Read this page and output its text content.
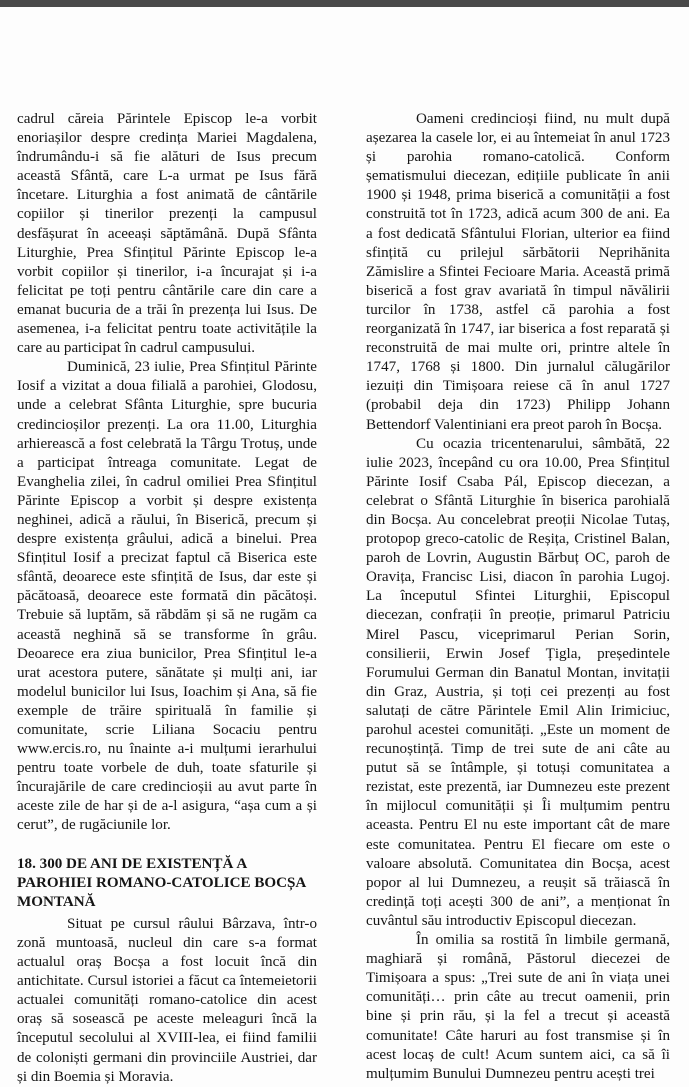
cadrul căreia Părintele Episcop le-a vorbit enoriașilor despre credința Mariei Magdalena, îndrumându-i să fie alături de Isus precum această Sfântă, care L-a urmat pe Isus fără încetare. Liturghia a fost animată de cântările copiilor și tinerilor prezenți la campusul desfășurat în aceeași săptămână. După Sfânta Liturghie, Prea Sfințitul Părinte Episcop le-a vorbit copiilor și tinerilor, i-a încurajat și i-a felicitat pe toți pentru cântările care din care a emanat bucuria de a trăi în prezența lui Isus. De asemenea, i-a felicitat pentru toate activitățile la care au participat în cadrul campusului.

Duminică, 23 iulie, Prea Sfințitul Părinte Iosif a vizitat a doua filială a parohiei, Glodosu, unde a celebrat Sfânta Liturghie, spre bucuria credincioșilor prezenți. La ora 11.00, Liturghia arhierească a fost celebrată la Târgu Trotuș, unde a participat întreaga comunitate. Legat de Evanghelia zilei, în cadrul omiliei Prea Sfințitul Părinte Episcop a vorbit și despre existența neghinei, adică a răului, în Biserică, precum și despre existența grâului, adică a binelui. Prea Sfințitul Iosif a precizat faptul că Biserica este sfântă, deoarece este sfințită de Isus, dar este și păcătoasă, deoarece este formată din păcătoși. Trebuie să luptăm, să răbdăm și să ne rugăm ca această neghină să se transforme în grâu. Deoarece era ziua bunicilor, Prea Sfințitul le-a urat acestora putere, sănătate și mulți ani, iar modelul bunicilor lui Isus, Ioachim și Ana, să fie exemple de trăire spirituală în familie și comunitate, scrie Liliana Socaciu pentru www.ercis.ro, nu înainte a-i mulțumi ierarhului pentru toate vorbele de duh, toate sfaturile și încurajările de care credincioșii au avut parte în aceste zile de har și de a-l asigura, “așa cum a și cerut”, de rugăciunile lor.

18. 300 DE ANI DE EXISTENȚĂ A PAROHIEI ROMANO-CATOLICE BOCȘA MONTANĂ

Situat pe cursul râului Bârzava, într-o zonă muntoasă, nucleul din care s-a format actualul oraș Bocșa a fost locuit încă din antichitate. Cursul istoriei a făcut ca întemeietorii actualei comunități romano-catolice din acest oraș să sosească pe aceste meleaguri încă la începutul secolului al XVIII-lea, ei fiind familii de coloniști germani din provinciile Austriei, dar și din Boemia și Moravia.

Oameni credincioși fiind, nu mult după așezarea la casele lor, ei au întemeiat în anul 1723 și parohia romano-catolică. Conform șematismului diecezan, edițiile publicate în anii 1900 și 1948, prima biserică a comunității a fost construită tot în 1723, adică acum 300 de ani. Ea a fost dedicată Sfântului Florian, ulterior ea fiind sfințită cu prilejul sărbătorii Neprihănita Zămislire a Sfintei Fecioare Maria. Această primă biserică a fost grav avariată în timpul năvălirii turcilor în 1738, astfel că parohia a fost reorganizată în 1747, iar biserica a fost reparată și reconstruită de mai multe ori, printre altele în 1747, 1768 și 1800. Din jurnalul călugărilor iezuiți din Timișoara reiese că în anul 1727 (probabil deja din 1723) Philipp Johann Bettendorf Valentiniani era preot paroh în Bocșa.

Cu ocazia tricentenarului, sâmbătă, 22 iulie 2023, începând cu ora 10.00, Prea Sfințitul Părinte Iosif Csaba Pál, Episcop diecezan, a celebrat o Sfântă Liturghie în biserica parohială din Bocșa. Au concelebrat preoții Nicolae Tutaș, protopop greco-catolic de Reșița, Cristinel Balan, paroh de Lovrin, Augustin Bărbuț OC, paroh de Oravița, Francisc Lisi, diacon în parohia Lugoj. La începutul Sfintei Liturghii, Episcopul diecezan, confrații în preoție, primarul Patriciu Mirel Pascu, viceprimarul Perian Sorin, consilierii, Erwin Josef Țigla, președintele Forumului German din Banatul Montan, invitații din Graz, Austria, și toți cei prezenți au fost salutați de către Părintele Emil Alin Irimiciuc, parohul acestei comunități. „Este un moment de recunoștință. Timp de trei sute de ani câte au putut să se întâmple, și totuși comunitatea a rezistat, este prezentă, iar Dumnezeu este prezent în mijlocul comunității și Îi mulțumim pentru aceasta. Pentru El nu este important cât de mare este comunitatea. Pentru El fiecare om este o valoare absolută. Comunitatea din Bocșa, acest popor al lui Dumnezeu, a reușit să trăiască în credință toți acești 300 de ani”, a menționat în cuvântul său introductiv Episcopul diecezan.

În omilia sa rostită în limbile germană, maghiară și română, Păstorul diecezei de Timișoara a spus: „Trei sute de ani în viața unei comunități… prin câte au trecut oamenii, prin bine și prin rău, și la fel a trecut și această comunitate! Câte haruri au fost transmise și în acest locaș de cult! Acum suntem aici, ca să îi mulțumim Bunului Dumnezeu pentru acești trei
